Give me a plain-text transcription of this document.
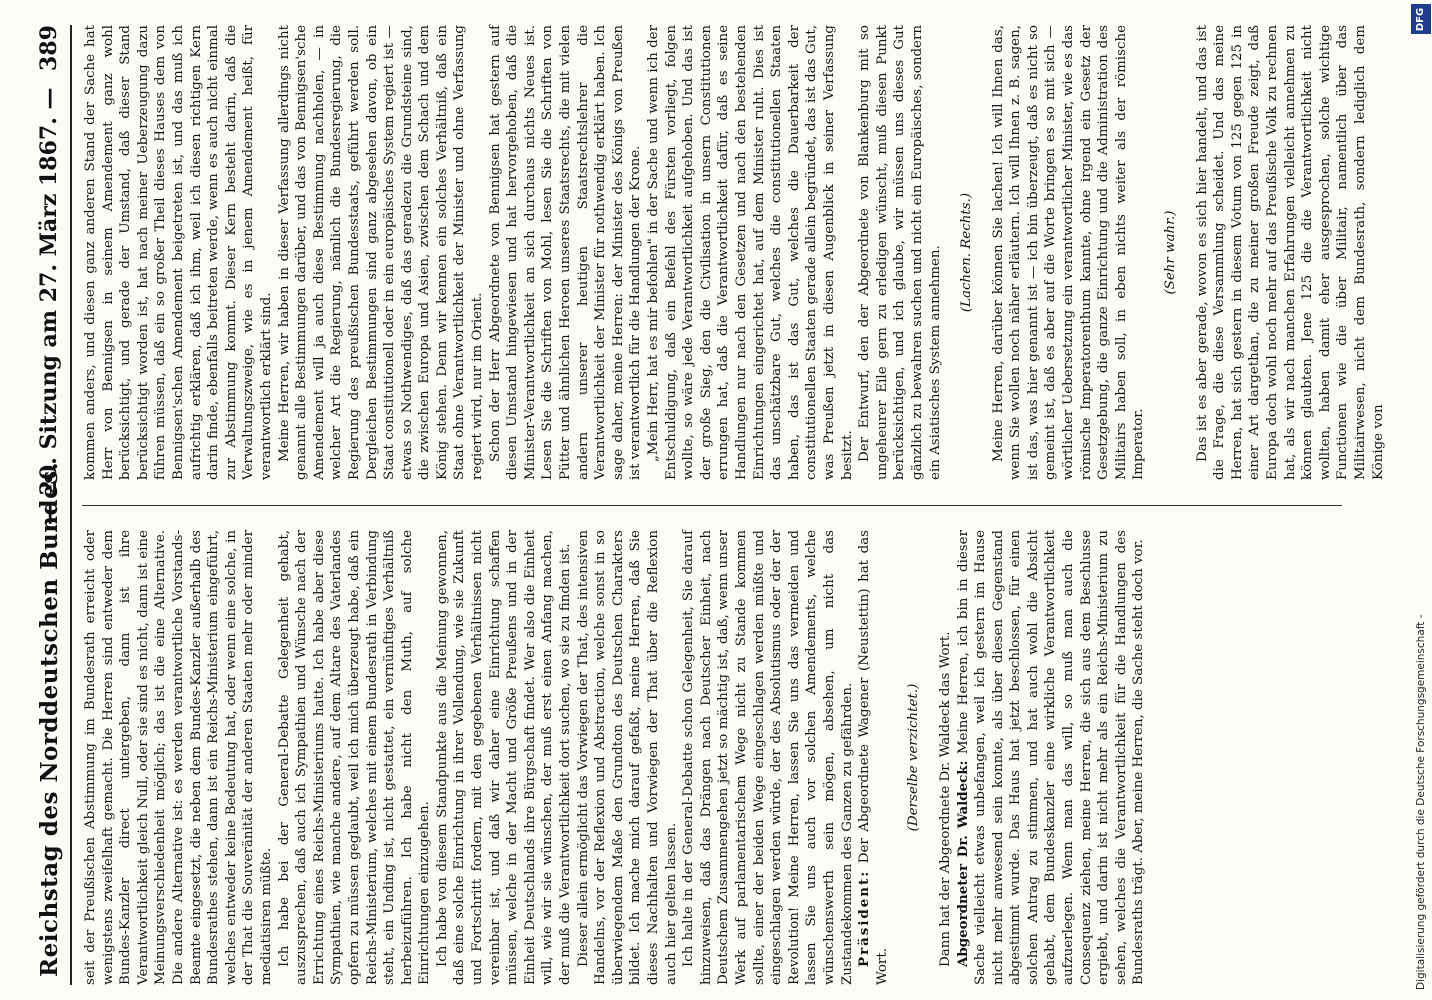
Reichstag des Norddeutschen Bundes.
— 20. Sitzung am 27. März 1867. —
389

seit der Preußischen Abstimmung im Bundesrath erreicht oder wenigstens zweifelhaft gemacht. Die Herren sind entweder dem Bundes-Kanzler direct untergeben, dann ist ihre Verantwortlichkeit gleich Null, oder sie sind es nicht, dann ist eine Meinungsverschiedenheit möglich; das ist die eine Alternative. Die andere Alternative ist: es werden verantwortliche Vorstands-Beamte eingesetzt, die neben dem Bundes-Kanzler außerhalb des Bundesrathes stehen, dann ist ein Reichs-Ministerium eingeführt, welches entweder keine Bedeutung hat, oder wenn eine solche, in der That die Souveränität der anderen Staaten mehr oder minder mediatisiren müßte. Ich habe bei der General-Debatte Gelegenheit gehabt, auszusprechen, daß auch ich Sympathien und Wünsche nach der Errichtung eines Reichs-Ministeriums hatte. Ich habe aber diese Sympathien, wie manche andere, auf dem Altare des Vaterlandes opfern zu müssen geglaubt, weil ich mich überzeugt habe, daß ein Reichs-Ministerium, welches mit einem Bundesrath in Verbindung steht, ein Unding ist, nicht gestattet, ein vernünftiges Verhältniß herbeizuführen. Ich habe nicht den Muth, auf solche Einrichtungen einzugehen. Ich habe von diesem Standpunkte aus die Meinung gewonnen, daß eine solche Einrichtung in ihrer Vollendung, wie sie Zukunft und Fortschritt fordern, mit den gegebenen Verhältnissen nicht vereinbar ist, und daß wir daher eine Einrichtung schaffen müssen, welche in der Macht und Größe Preußens und in der Einheit Deutschlands ihre Bürgschaft findet. Wer also die Einheit will, wie wir sie wünschen, der muß erst einen Anfang machen, der muß die Verantwortlichkeit dort suchen, wo sie zu finden ist. Dieser allein ermöglicht das Vorwiegen der That, des intensiven Handelns, vor der Reflexion und Abstraction, welche sonst in so überwiegendem Maße den Grundton des Deutschen Charakters bildet. Ich mache mich darauf gefaßt, meine Herren, daß Sie dieses Nachhalten und Vorwiegen der That über die Reflexion auch hier gelten lassen. Ich halte in der General-Debatte schon Gelegenheit, Sie darauf hinzuweisen, daß das Drängen nach Deutscher Einheit, nach Deutschem Zusammengehen jetzt so mächtig ist, daß, wenn unser Werk auf parlamentarischem Wege nicht zu Stande kommen sollte, einer der beiden Wege eingeschlagen werden müßte und eingeschlagen werden würde, der des Absolutismus oder der der Revolution! Meine Herren, lassen Sie uns das vermeiden und lassen Sie uns auch vor solchen Amendements, welche wünschenswerth sein mögen, absehen, um nicht das Zustandekommen des Ganzen zu gefährden. Präsident: Der Abgeordnete Wagener (Neustettin) hat das Wort.

(Derselbe verzichtet.) Dann hat der Abgeordnete Dr. Waldeck das Wort. Abgeordneter Dr. Waldeck: Meine Herren, ich bin in dieser Sache vielleicht etwas unbefangen, weil ich gestern im Hause nicht mehr anwesend sein konnte, als über diesen Gegenstand abgestimmt wurde. Das Haus hat jetzt beschlossen, für einen solchen Antrag zu stimmen, und hat auch wohl die Absicht gehabt, dem Bundeskanzler eine wirkliche Verantwortlichkeit aufzuerlegen. Wenn man das will, so muß man auch die Consequenz ziehen, meine Herren, die sich aus dem Beschlusse ergiebt, und darin ist nicht mehr als ein Reichs-Ministerium zu sehen, welches die Verantwortlichkeit für die Handlungen des Bundesraths trägt. Aber, meine Herren, die Sache steht doch vor.

kommen anders, und diesen ganz anderen Stand der Sache hat Herr von Bennigsen in seinem Amendement ganz wohl berücksichtigt, und gerade der Umstand, daß dieser Stand berücksichtigt worden ist, hat nach meiner Ueberzeugung dazu führen müssen, daß ein so großer Theil dieses Hauses dem von Bennigsen'schen Amendement beigetreten ist, und das muß ich aufrichtig erklären, daß ich ihm, weil ich diesen richtigen Kern darin finde, ebenfalls beitreten werde, wenn es auch nicht einmal zur Abstimmung kommt. Dieser Kern besteht darin, daß die Verwaltungszweige, wie es in jenem Amendement heißt, für verantwortlich erklärt sind. Meine Herren, wir haben in dieser Verfassung allerdings nicht genannt alle Bestimmungen darüber, und das von Bennigsen'sche Amendement will ja auch diese Bestimmung nachholen, — in welcher Art die Regierung, nämlich die Bundesregierung, die Regierung des preußischen Bundesstaats, geführt werden soll. Dergleichen Bestimmungen sind ganz abgesehen davon, ob ein Staat constitutionell oder in ein europäisches System regiert ist — etwas so Nothwendiges, daß das geradezu die Grundsteine sind, die zwischen Europa und Asien, zwischen dem Schach und dem König stehen. Denn wir kennen ein solches Verhältniß, daß ein Staat ohne Verantwortlichkeit der Minister und ohne Verfassung regiert wird, nur im Orient. Schon der Herr Abgeordnete von Bennigsen hat gestern auf diesen Umstand hingewiesen und hat hervorgehoben, daß die Minister-Verantwortlichkeit an sich durchaus nichts Neues ist. Lesen Sie die Schriften von Mohl, lesen Sie die Schriften von Pütter und ähnlichen Heroen unseres Staatsrechts, die mit vielen andern unserer heutigen Staatsrechtslehrer die Verantwortlichkeit der Minister für nothwendig erklärt haben. Ich sage daher, meine Herren: der Minister des Königs von Preußen ist verantwortlich für die Handlungen der Krone. „Mein Herr, hat es mir befohlen" in der Sache und wenn ich der Entschuldigung, daß ein Befehl des Fürsten vorliegt, folgen wollte, so wäre jede Verantwortlichkeit aufgehoben. Und das ist der große Sieg, den die Civilisation in unsern Constitutionen errungen hat, daß die Verantwortlichkeit dafür, daß es seine Handlungen nur nach den Gesetzen und nach den bestehenden Einrichtungen eingerichtet hat, auf dem Minister ruht. Dies ist das unschätzbare Gut, welches die constitutionellen Staaten haben, das ist das Gut, welches die Dauerbarkeit der constitutionellen Staaten gerade allein begründet, das ist das Gut, was Preußen jetzt in diesen Augenblick in seiner Verfassung besitzt. Der Entwurf, den der Abgeordnete von Blankenburg mit so ungeheurer Eile gern zu erledigen wünscht, muß diesen Punkt berücksichtigen, und ich glaube, wir müssen uns dieses Gut gänzlich zu bewahren suchen und nicht ein Europäisches, sondern ein Asiatisches System annehmen. (Lachen. Rechts.) Meine Herren, darüber können Sie lachen! Ich will Ihnen das, wenn Sie wollen noch näher erläutern. Ich will Ihnen z. B. sagen, ist das, was hier genannt ist — ich bin überzeugt, daß es nicht so gemeint ist, daß es aber auf die Worte bringen es so mit sich — wörtlicher Uebersetzung ein verantwortlicher Minister, wie es das römische Imperatorenthum kannte, ohne irgend ein Gesetz der Gesetzgebung, die ganze Einrichtung und die Administration des Militairs haben soll, in eben nichts weiter als der römische Imperator.

(Sehr wahr.) Das ist es aber gerade, wovon es sich hier handelt, und das ist die Frage, die diese Versammlung scheidet. Und das meine Herren, hat sich gestern in diesem Votum von 125 gegen 125 in einer Art dargethan, die zu meiner großen Freude zeigt, daß Europa doch wohl noch mehr auf das Preußische Volk zu rechnen hat, als wir nach manchen Erfahrungen vielleicht annehmen zu können glaubten. Jene 125 die die Verantwortlichkeit nicht wollten, haben damit eher ausgesprochen, solche wichtige Functionen wie die über Militair, namentlich über das Militairwesen, nicht dem Bundesrath, sondern lediglich dem Könige von

Digitalisierung gefördert durch die Deutsche Forschungsgemeinschaft -
DFG
